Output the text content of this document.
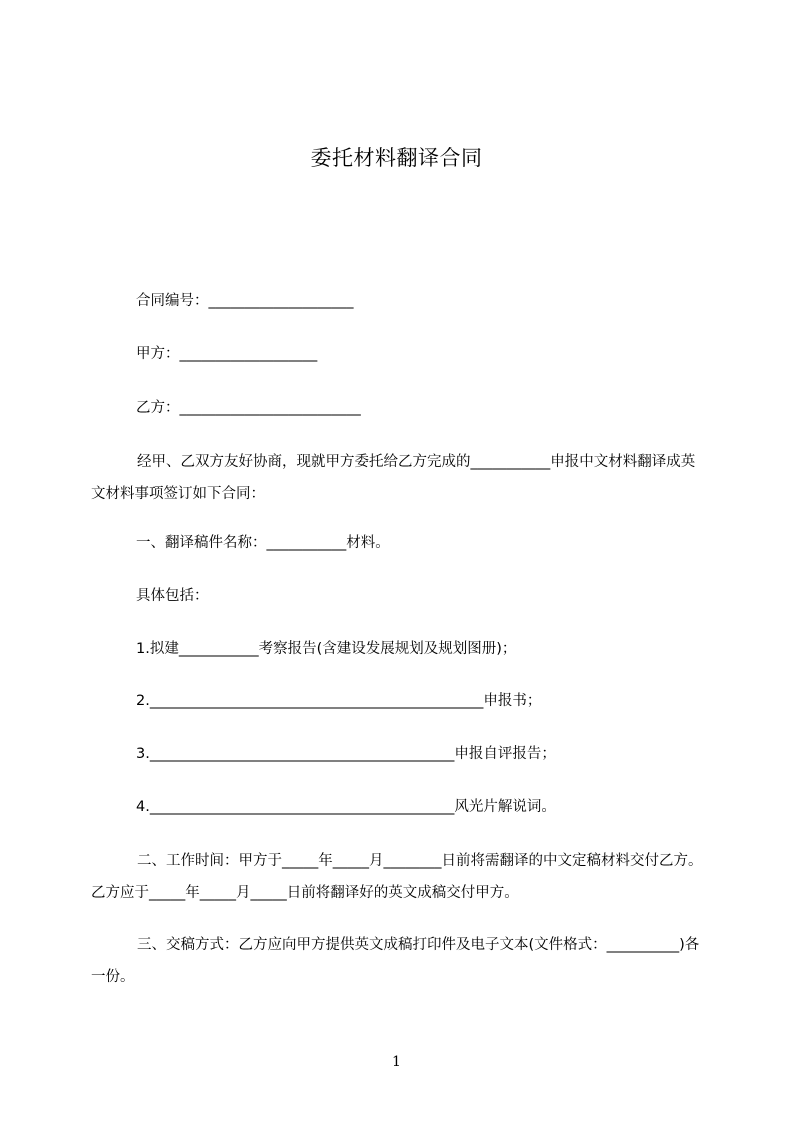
委托材料翻译合同
合同编号：____________________
甲方：___________________
乙方：_________________________
经甲、乙双方友好协商，现就甲方委托给乙方完成的___________申报中文材料翻译成英文材料事项签订如下合同：
一、翻译稿件名称：___________材料。
具体包括：
1.拟建___________考察报告(含建设发展规划及规划图册)；
2.______________________________________________申报书；
3.__________________________________________申报自评报告；
4.__________________________________________风光片解说词。
二、工作时间：甲方于_____年_____月________日前将需翻译的中文定稿材料交付乙方。乙方应于_____年_____月_____日前将翻译好的英文成稿交付甲方。
三、交稿方式：乙方应向甲方提供英文成稿打印件及电子文本(文件格式：__________)各一份。
1
